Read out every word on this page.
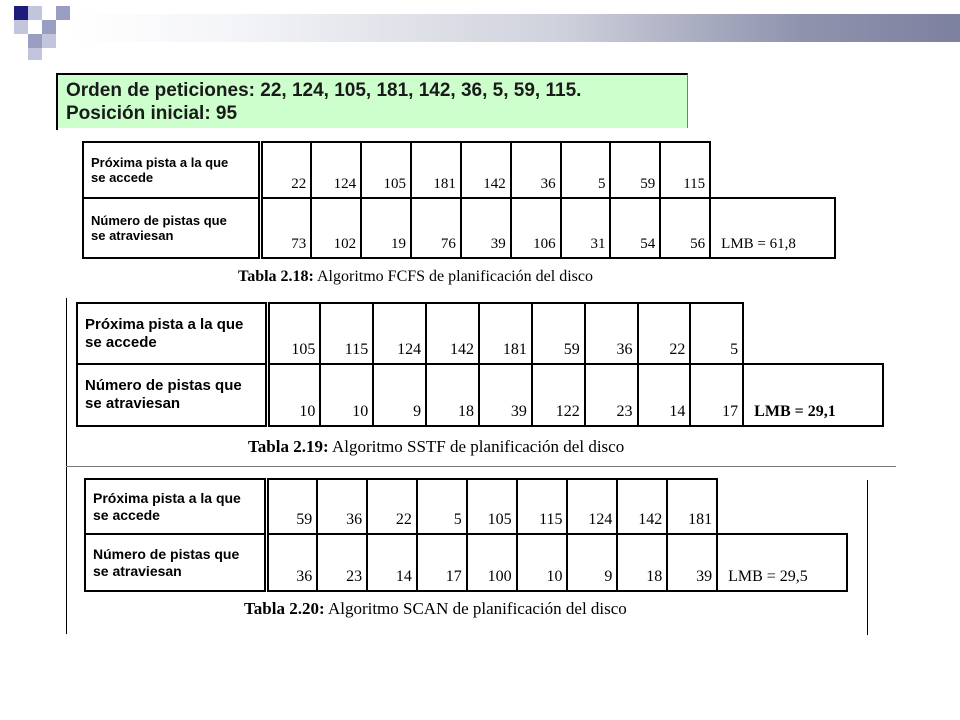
Orden de peticiones: 22, 124, 105, 181, 142, 36, 5, 59, 115.
Posición inicial: 95
Próxima pista a la que
se accede	22	124	105	181	142	36	5	59	115	

Número de pistas que
se atraviesan	73	102	19	76	39	106	31	54	56	LMB = 61,8
Tabla 2.18: Algoritmo FCFS de planificación del disco
Próxima pista a la que
se accede	105	115	124	142	181	59	36	22	5	

Número de pistas que
se atraviesan	10	10	9	18	39	122	23	14	17	LMB = 29,1
Tabla 2.19: Algoritmo SSTF de planificación del disco
Próxima pista a la que
se accede	59	36	22	5	105	115	124	142	181	

Número de pistas que
se atraviesan	36	23	14	17	100	10	9	18	39	LMB = 29,5
Tabla 2.20: Algoritmo SCAN de planificación del disco
